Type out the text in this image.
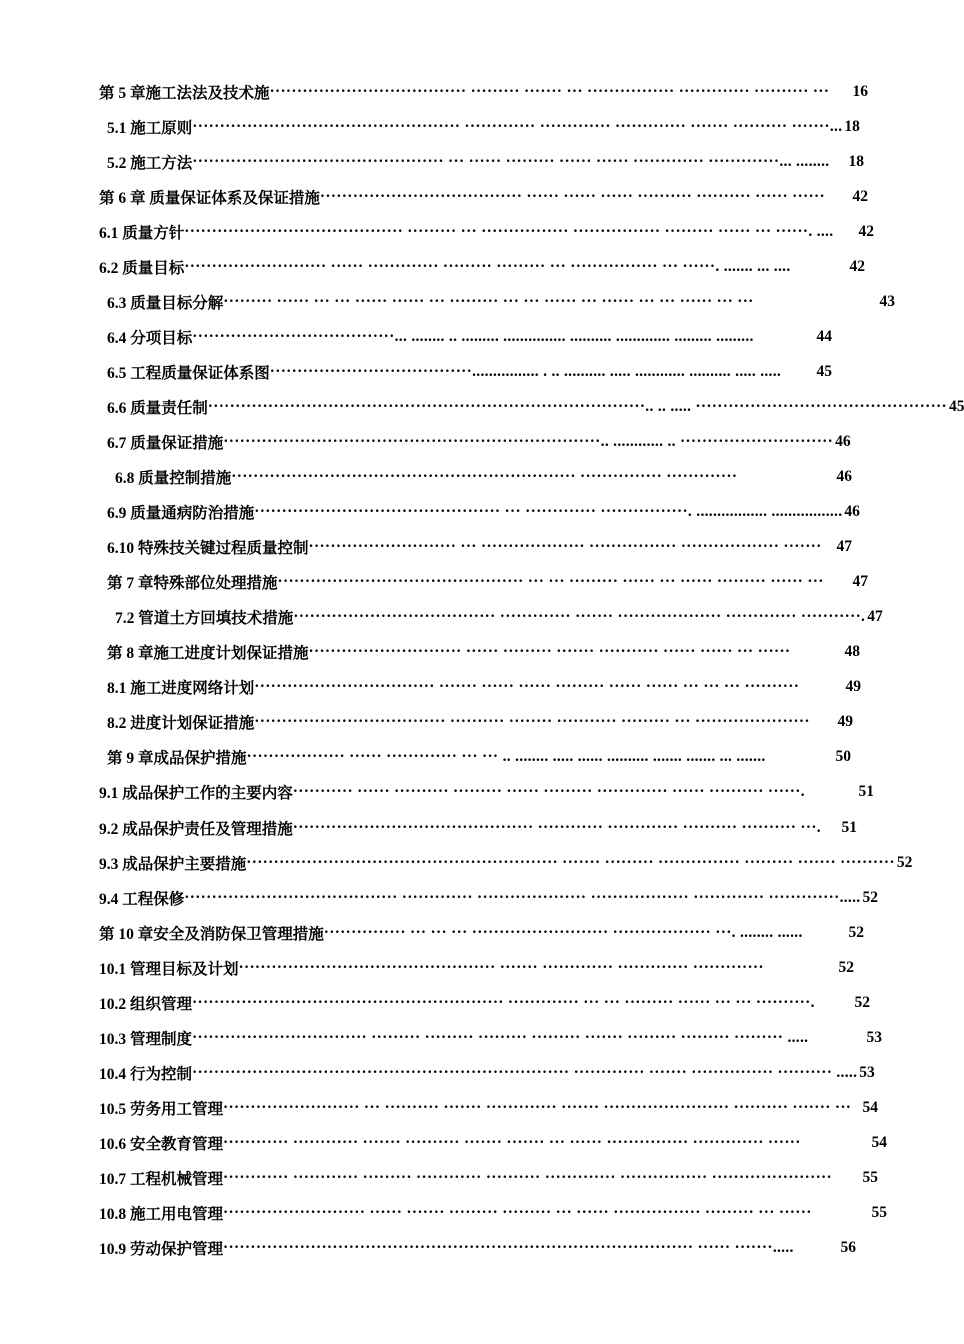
第 5 章施工法法及技术施 ···································· ········· ······· ··· ················ ············· ·········· ···	16
5.1 施工原则 ················································· ············· ············· ············· ······· ·········· ·······... 18
5.2 施工方法 ·············································· ··· ······ ········· ······ ······ ············· ·············... ........	18
第 6 章 质量保证体系及保证措施 ····································· ······ ······ ······ ·········· ·········· ······ ······	42
6.1 质量方针 ········································ ········· ··· ················ ················ ········· ······ ··· ······. ....	42
6.2 质量目标 ·························· ······ ············· ········· ········· ··· ················ ··· ······. ....... ... ....	42
6.3 质量目标分解 ········· ······ ··· ··· ······ ······ ··· ········· ··· ··· ······ ··· ······ ··· ··· ······ ··· ···	43
6.4 分项目标 ·····································... ........ .. ......... ............... .......... ............. ......... .........	44
6.5 工程质量保证体系图 ·····································................ . .. .......... ..... ............ .......... ..... .....	45
6.6 质量责任制 ················································································.. .. ..... ·············································· 45
6.7 质量保证措施 ·····································································.. ............ .. ···························· 46
6.8 质量控制措施 ······························································· ··············· ·············	46
6.9 质量通病防治措施 ············································· ··· ············· ················. ................. ................. 46
6.10 特殊技关键过程质量控制 ··························· ··· ··················· ················ ·················· ······· 47
第 7 章特殊部位处理措施 ············································· ··· ··· ········· ······ ··· ······ ········· ······ ···	47
7.2 管道土方回填技术措施 ····································· ············· ······· ··················· ············· ···········. 47
第 8 章施工进度计划保证措施 ···························· ······ ········· ······· ··········· ······ ······ ··· ······	48
8.1 施工进度网络计划 ································· ······· ······ ······ ········· ······ ······ ··· ··· ··· ··········	49
8.2 进度计划保证措施 ··································· ·········· ········ ··········· ········· ··· ·····················	49
第 9 章成品保护措施 ·················· ······ ············· ··· ··· .. ........ ..... ...... .......... ....... ....... ... .......	50
9.1 成品保护工作的主要内容 ··········· ······ ·········· ········· ······ ········· ············· ······ ·········· ······.	51
9.2 成品保护责任及管理措施 ············································ ············ ············· ·········· ·········· ···.	51
9.3 成品保护主要措施 ························································· ······· ········· ··············· ········· ······· ·········· 52
9.4 工程保修 ······································· ············· ···················· ·················· ············· ·············..... 52
第 10 章安全及消防保卫管理措施 ··············· ··· ··· ··· ························· ·················· ···. ........ ......	52
10.1 管理目标及计划 ··············································· ······· ············· ············· ·············	52
10.2 组织管理 ························································· ············· ··· ··· ········· ······ ··· ··· ··········.	52
10.3 管理制度 ································ ········· ········· ········· ········· ······· ········· ········· ········· .....	53
10.4 行为控制 ····································································· ············· ······· ··············· ·········· ..... 53
10.5 劳务用工管理 ························· ··· ·········· ······· ············· ······· ······················· ·········· ······· ··· 54
10.6 安全教育管理 ············ ············ ······· ·········· ······· ······· ··· ······ ··············· ············· ······	54
10.7 工程机械管理 ············ ············ ········· ············ ·········· ············· ················ ······················	55
10.8 施工用电管理 ·························· ······ ······· ········· ········· ··· ······ ················ ········· ··· ······	55
10.9 劳动保护管理 ······················································································ ······ ·······.....	56
